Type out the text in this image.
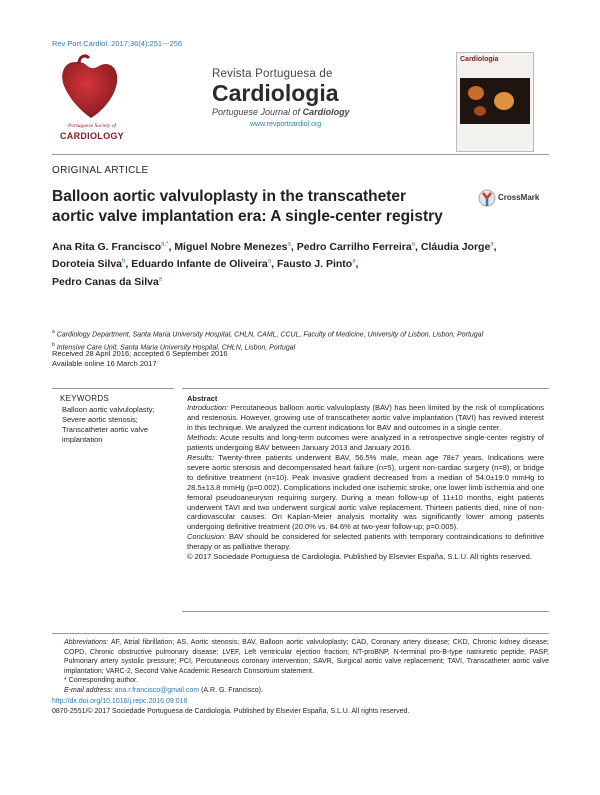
Rev Port Cardiol. 2017;36(4):251---256
Portuguese Society of
CARDIOLOGY
Revista Portuguesa de
Cardiologia
Portuguese Journal of Cardiology
www.revportcardiol.org
Cardiologia
ORIGINAL ARTICLE
Balloon aortic valvuloplasty in the transcatheter aortic valve implantation era: A single-center registry
CrossMark
Ana Rita G. Francisco$^{a,*}$, Miguel Nobre Menezes$^a$, Pedro Carrilho Ferreira$^a$, Cláudia Jorge$^a$, Doroteia Silva$^b$, Eduardo Infante de Oliveira$^a$, Fausto J. Pinto$^a$,
Pedro Canas da Silva$^a$

$^a$ Cardiology Department, Santa Maria University Hospital, CHLN, CAML, CCUL, Faculty of Medicine, University of Lisbon, Lisbon, Portugal

$^b$ Intensive Care Unit, Santa Maria University Hospital, CHLN, Lisbon, Portugal

Received 28 April 2016; accepted 6 September 2016
Available online 16 March 2017
KEYWORDS
Balloon aortic valvuloplasty;
Severe aortic stenosis;
Transcatheter aortic valve implantation
Abstract

Introduction: Percutaneous balloon aortic valvuloplasty (BAV) has been limited by the risk of complications and restenosis. However, growing use of transcatheter aortic valve implantation (TAVI) has revived interest in this technique. We analyzed the current indications for BAV and outcomes in a single center.

Methods: Acute results and long-term outcomes were analyzed in a retrospective single-center registry of patients undergoing BAV between January 2013 and January 2016.

Results: Twenty-three patients underwent BAV, 56.5% male, mean age 78±7 years. Indications were severe aortic stenosis and decompensated heart failure (n=5), urgent non-cardiac surgery (n=8), or bridge to definitive treatment (n=10). Peak invasive gradient decreased from a median of 54.0±19.0 mmHg to 28.5±13.8 mmHg (p=0.002). Complications included one ischemic stroke, one lower limb ischemia and one femoral pseudoaneurysm requiring surgery. During a mean follow-up of 11±10 months, eight patients underwent TAVI and two underwent surgical aortic valve replacement. Thirteen patients died, nine of non-cardiovascular causes. On Kaplan-Meier analysis mortality was significantly lower among patients undergoing definitive treatment (20.0% vs. 84.6% at two-year follow-up; p=0.005).

Conclusion: BAV should be considered for selected patients with temporary contraindications to definitive therapy or as palliative therapy.

© 2017 Sociedade Portuguesa de Cardiologia. Published by Elsevier España, S.L.U. All rights reserved.

Abbreviations: AF, Atrial fibrillation; AS, Aortic stenosis; BAV, Balloon aortic valvuloplasty; CAD, Coronary artery disease; CKD, Chronic kidney disease; COPD, Chronic obstructive pulmonary disease; LVEF, Left ventricular ejection fraction; NT-proBNP, N-terminal pro-B-type natriuretic peptide; PASP, Pulmonary artery systolic pressure; PCI, Percutaneous coronary intervention; SAVR, Surgical aortic valve replacement; TAVI, Transcatheter aortic valve implantation; VARC-2, Second Valve Academic Research Consortium statement.

* Corresponding author.

E-mail address: ana.r.francisco@gmail.com (A.R. G. Francisco).

http://dx.doi.org/10.1016/j.repc.2016.09.016
0870-2551/© 2017 Sociedade Portuguesa de Cardiologia. Published by Elsevier España, S.L.U. All rights reserved.
